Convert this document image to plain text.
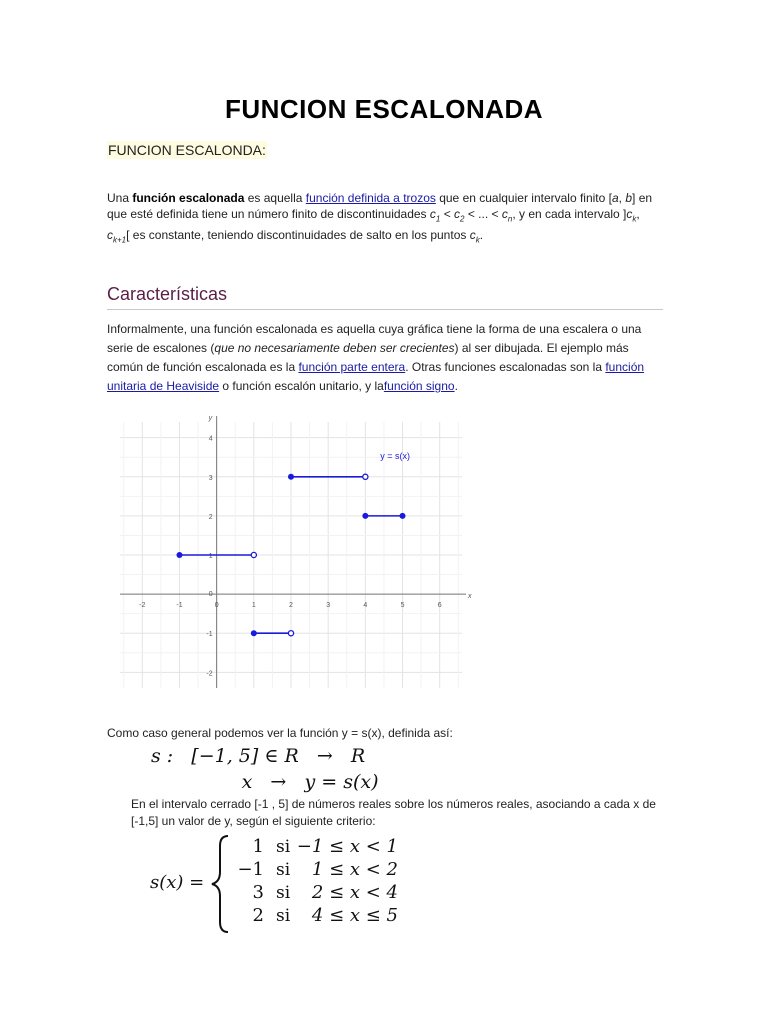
FUNCION ESCALONADA
FUNCION ESCALONDA:
Una función escalonada es aquella función definida a trozos que en cualquier intervalo finito [a, b] en que esté definida tiene un número finito de discontinuidades $c_1 < c_2$ < ... < $c_n$, y en cada intervalo ]$c_k$, $c_{k+1}$[ es constante, teniendo discontinuidades de salto en los puntos $c_k$.
Características
Informalmente, una función escalonada es aquella cuya gráfica tiene la forma de una escalera o una serie de escalones (que no necesariamente deben ser crecientes) al ser dibujada. El ejemplo más común de función escalonada es la función parte entera. Otras funciones escalonadas son la función unitaria de Heaviside o función escalón unitario, y lafunción signo.
x
y
-2	-1	0	1	2	3	4	5	6
-2
-1
0
1
2
3
4
y = s(x)
Como caso general podemos ver la función y = s(x), definida así:
s :   [−1, 5] ∈ R   →   R
x   →   y = s(x)
En el intervalo cerrado [-1 , 5] de números reales sobre los números reales, asociando a cada x de [-1,5] un valor de y, según el siguiente criterio:
s(x) =
1 si −1 ≤ x < 1
−1 si 1 ≤ x < 2
3 si 2 ≤ x < 4
2 si 4 ≤ x ≤ 5
